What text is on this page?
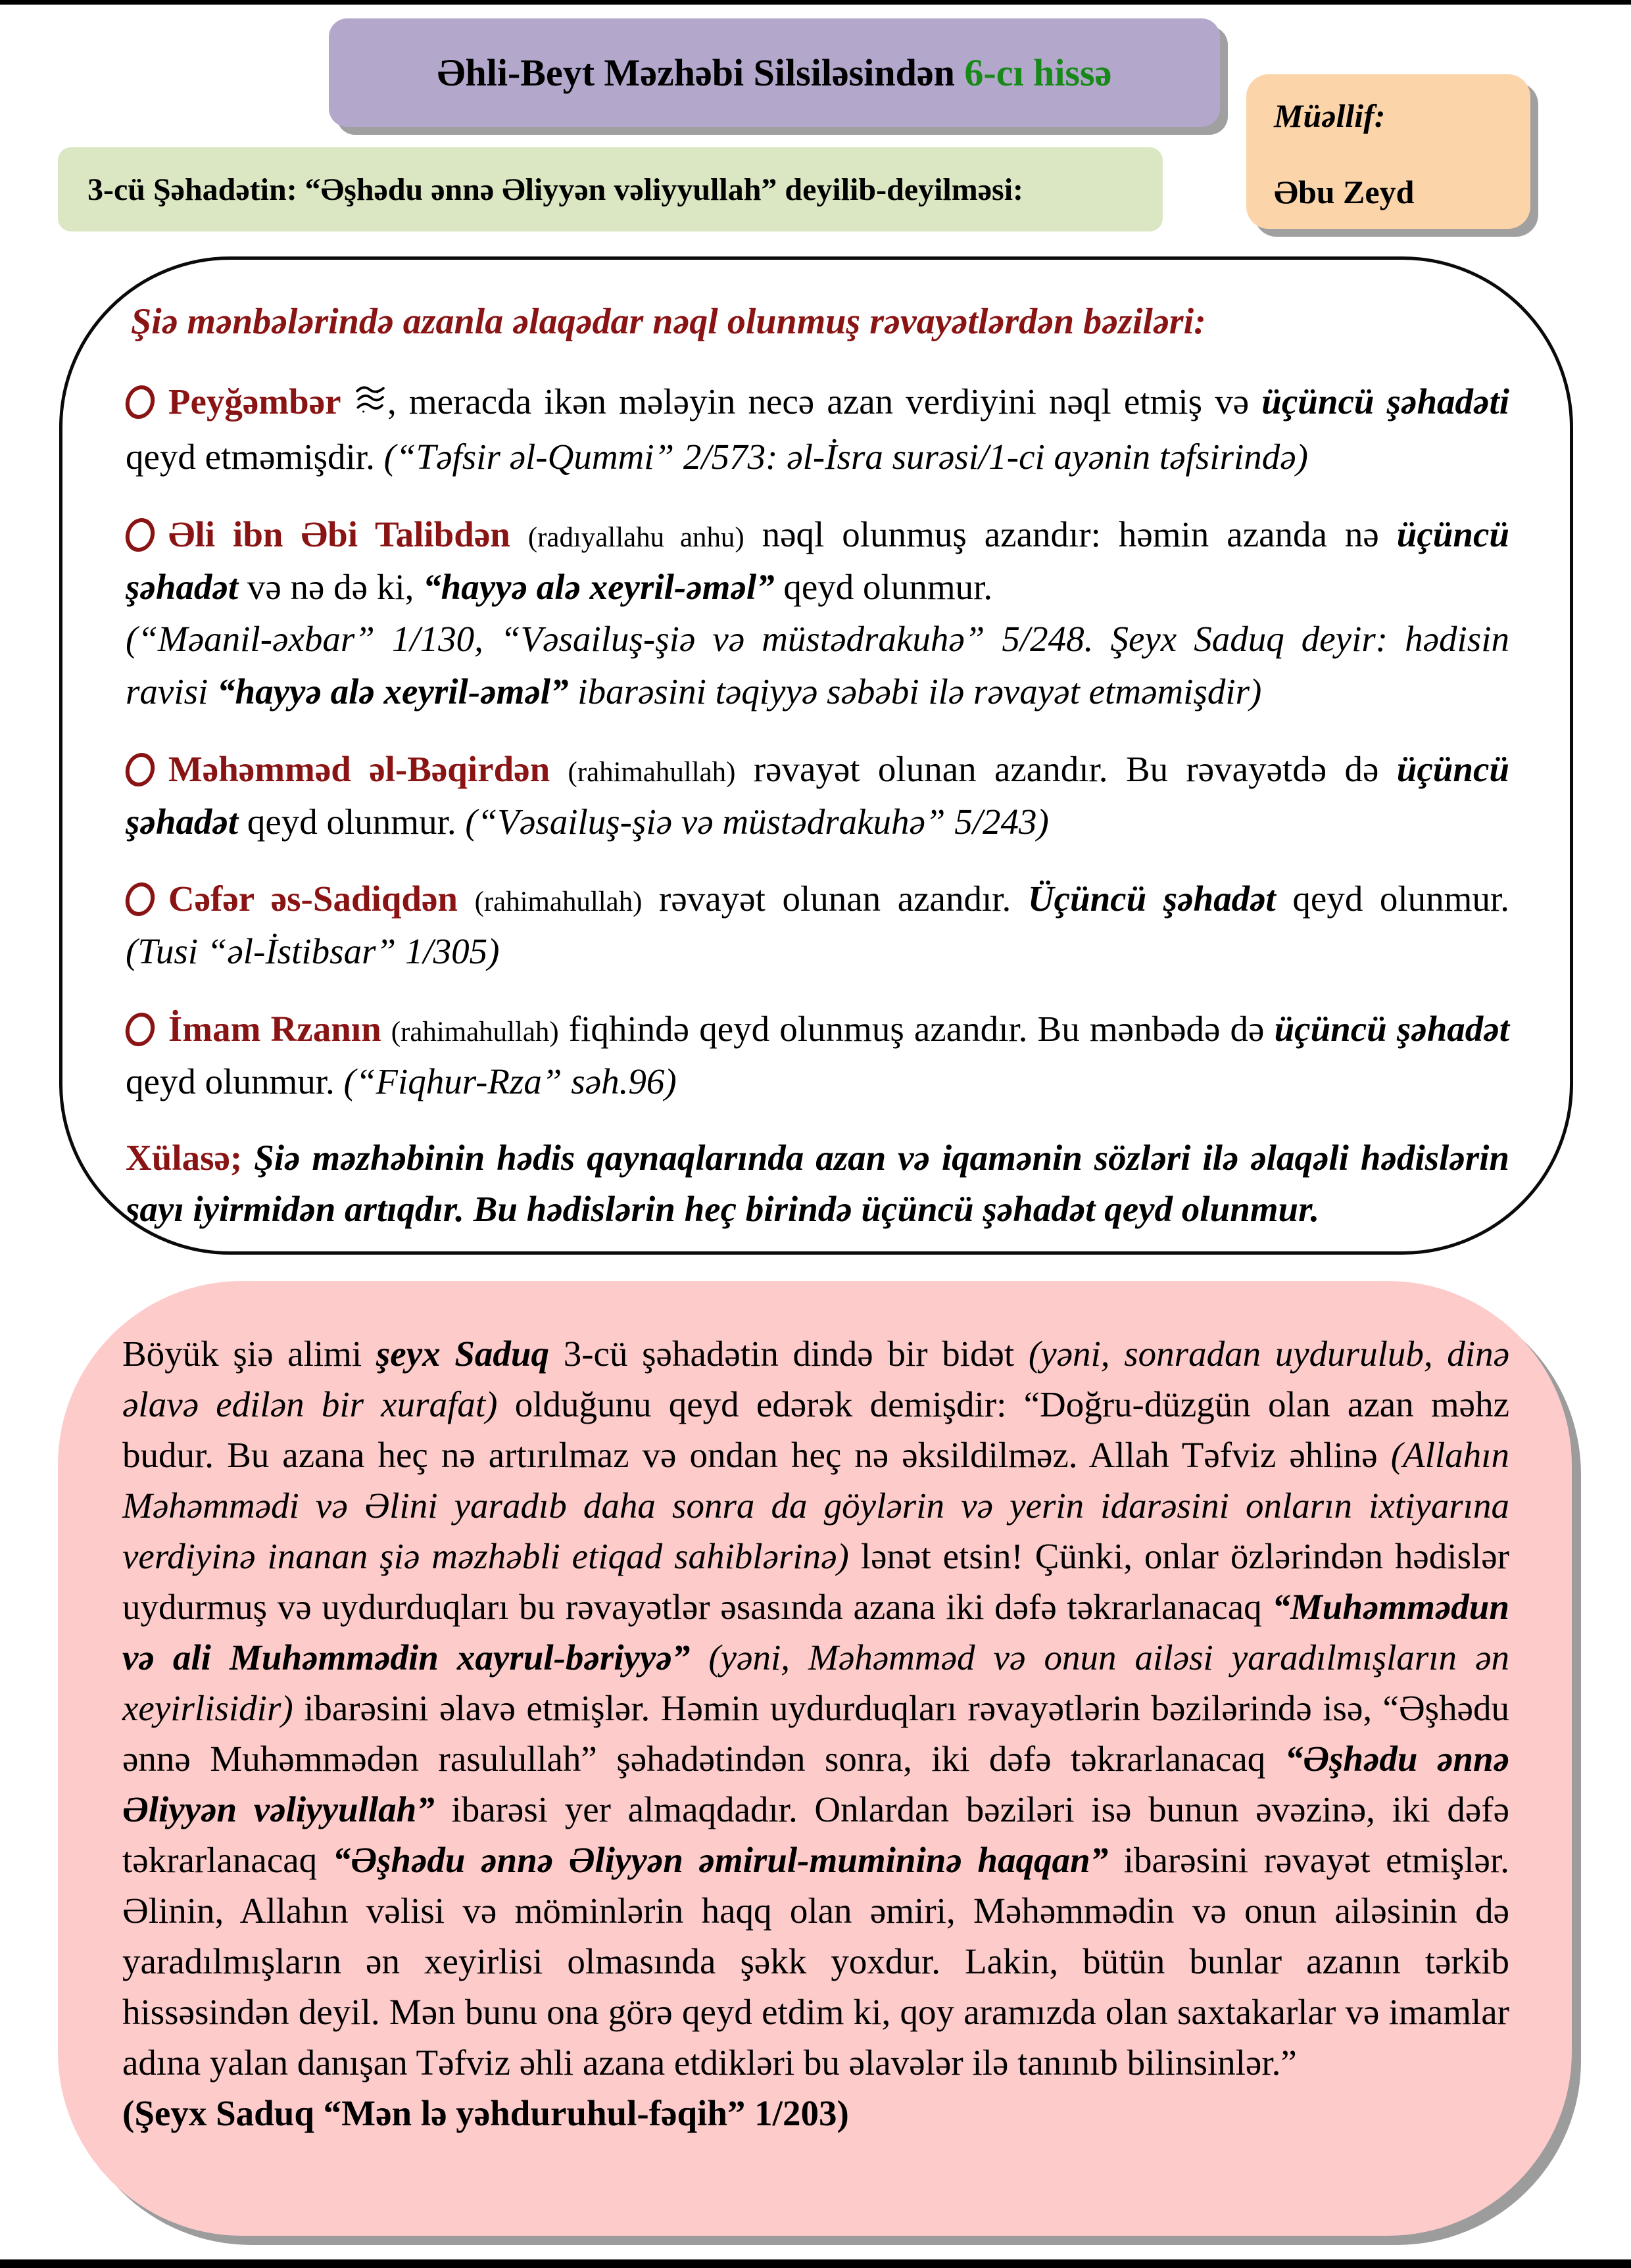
Əhli-Beyt Məzhəbi Silsiləsindən 6-cı hissə
Müəllif:
Əbu Zeyd
3-cü Şəhadətin: “Əşhədu ənnə Əliyyən vəliyyullah” deyilib-deyilməsi:
Şiə mənbələrində azanla əlaqədar nəql olunmuş rəvayətlərdən bəziləri:

Peyğəmbər , meracda ikən mələyin necə azan verdiyini nəql etmiş və üçüncü şəhadəti qeyd etməmişdir. (“Təfsir əl-Qummi” 2/573: əl-İsra surəsi/1-ci ayənin təfsirində)

Əli ibn Əbi Talibdən (radıyallahu anhu) nəql olunmuş azandır: həmin azanda nə üçüncü şəhadət və nə də ki, “hayyə alə xeyril-əməl” qeyd olunmur.
(“Məanil-əxbar” 1/130, “Vəsailuş-şiə və müstədrakuhə” 5/248. Şeyx Saduq deyir: hədisin ravisi “hayyə alə xeyril-əməl” ibarəsini təqiyyə səbəbi ilə rəvayət etməmişdir)

Məhəmməd əl-Bəqirdən (rahimahullah) rəvayət olunan azandır. Bu rəvayətdə də üçüncü şəhadət qeyd olunmur. (“Vəsailuş-şiə və müstədrakuhə” 5/243)

Cəfər əs-Sadiqdən (rahimahullah) rəvayət olunan azandır. Üçüncü şəhadət qeyd olunmur. (Tusi “əl-İstibsar” 1/305)

İmam Rzanın (rahimahullah) fiqhində qeyd olunmuş azandır. Bu mənbədə də üçüncü şəhadət qeyd olunmur. (“Fiqhur-Rza” səh.96)

Xülasə; Şiə məzhəbinin hədis qaynaqlarında azan və iqamənin sözləri ilə əlaqəli hədislərin sayı iyirmidən artıqdır. Bu hədislərin heç birində üçüncü şəhadət qeyd olunmur.

Böyük şiə alimi şeyx Saduq 3-cü şəhadətin dində bir bidət (yəni, sonradan uydurulub, dinə əlavə edilən bir xurafat) olduğunu qeyd edərək demişdir: “Doğru-düzgün olan azan məhz budur. Bu azana heç nə artırılmaz və ondan heç nə əksildilməz. Allah Təfviz əhlinə (Allahın Məhəmmədi və Əlini yaradıb daha sonra da göylərin və yerin idarəsini onların ixtiyarına verdiyinə inanan şiə məzhəbli etiqad sahiblərinə) lənət etsin! Çünki, onlar özlərindən hədislər uydurmuş və uydurduqları bu rəvayətlər əsasında azana iki dəfə təkrarlanacaq “Muhəmmədun və ali Muhəmmədin xayrul-bəriyyə” (yəni, Məhəmməd və onun ailəsi yaradılmışların ən xeyirlisidir) ibarəsini əlavə etmişlər. Həmin uydurduqları rəvayətlərin bəzilərində isə, “Əşhədu ənnə Muhəmmədən rasulullah” şəhadətindən sonra, iki dəfə təkrarlanacaq “Əşhədu ənnə Əliyyən vəliyyullah” ibarəsi yer almaqdadır. Onlardan bəziləri isə bunun əvəzinə, iki dəfə təkrarlanacaq “Əşhədu ənnə Əliyyən əmirul-mumininə haqqan” ibarəsini rəvayət etmişlər. Əlinin, Allahın vəlisi və möminlərin haqq olan əmiri, Məhəmmədin və onun ailəsinin də yaradılmışların ən xeyirlisi olmasında şəkk yoxdur. Lakin, bütün bunlar azanın tərkib hissəsindən deyil. Mən bunu ona görə qeyd etdim ki, qoy aramızda olan saxtakarlar və imamlar adına yalan danışan Təfviz əhli azana etdikləri bu əlavələr ilə tanınıb bilinsinlər.”
(Şeyx Saduq “Mən lə yəhduruhul-fəqih” 1/203)
